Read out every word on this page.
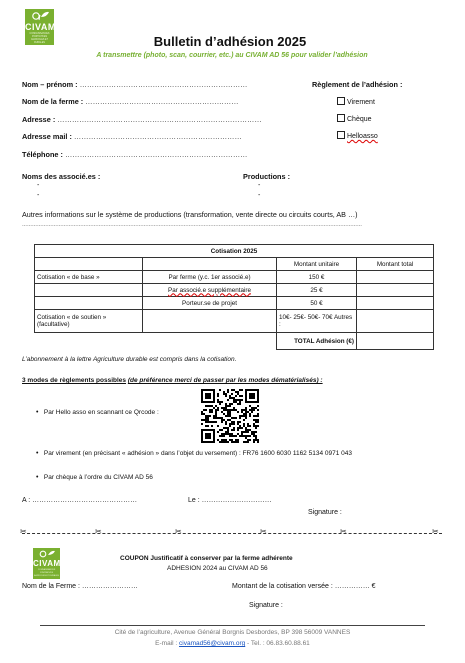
CIVAM
CONNAISSANCES D'INITIATIVES AGRICOLES ET RURALES	Bulletin d’adhésion 2025
A transmettre (photo, scan, courrier, etc.) au CIVAM AD 56 pour valider l’adhésion
Nom – prénom : ……………………………………………………………
Nom de la ferme : ………………………………………………………
Adresse : …………………………………………………………………………
Adresse mail : ……………………………………………………………
Téléphone : …………………………………………………………………
Règlement de l’adhésion :
Virement
Chèque
Helloasso
Noms des associé.es :
-
-
Productions :
-
-
Autres informations sur le système de productions (transformation, vente directe ou circuits courts, AB …)
……………………………………………………………………………………………………………………………………………………………………………………
Cotisation 2025			
		Montant unitaire	Montant total
Cotisation « de base »	Par ferme (y.c. 1er associé.e)	150 €	
	Par associé.e supplémentaire	25 €	
	Porteur.se de projet	50 €	
Cotisation « de soutien » (facultative)		10€- 25€- 50€- 70€ Autres :	
		TOTAL Adhésion (€)	
L’abonnement à la lettre Agriculture durable est compris dans la cotisation.
3 modes de règlements possibles (de préférence merci de passer par les modes dématérialisés) :
• Par Hello asso en scannant ce Qrcode :
• Par virement (en précisant « adhésion » dans l’objet du versement) : FR76 1600 6030 1162 5134 0971 043
• Par chèque à l’ordre du CIVAM AD 56
A : ………………………………………	Le : …………………………
Signature :
✂	✂	✂	✂	✂	✂
CIVAM
CONNAISSANCES D'INITIATIVES AGRICOLES ET RURALES
COUPON Justificatif à conserver par la ferme adhérente
ADHESION 2024 au CIVAM AD 56
Nom de la Ferme : ……………………	Montant de la cotisation versée : …………… €
Signature :
Cité de l’agriculture, Avenue Général Borgnis Desbordes, BP 398 56009 VANNES
E-mail : civamad56@civam.org - Tel. : 06.83.60.88.61
